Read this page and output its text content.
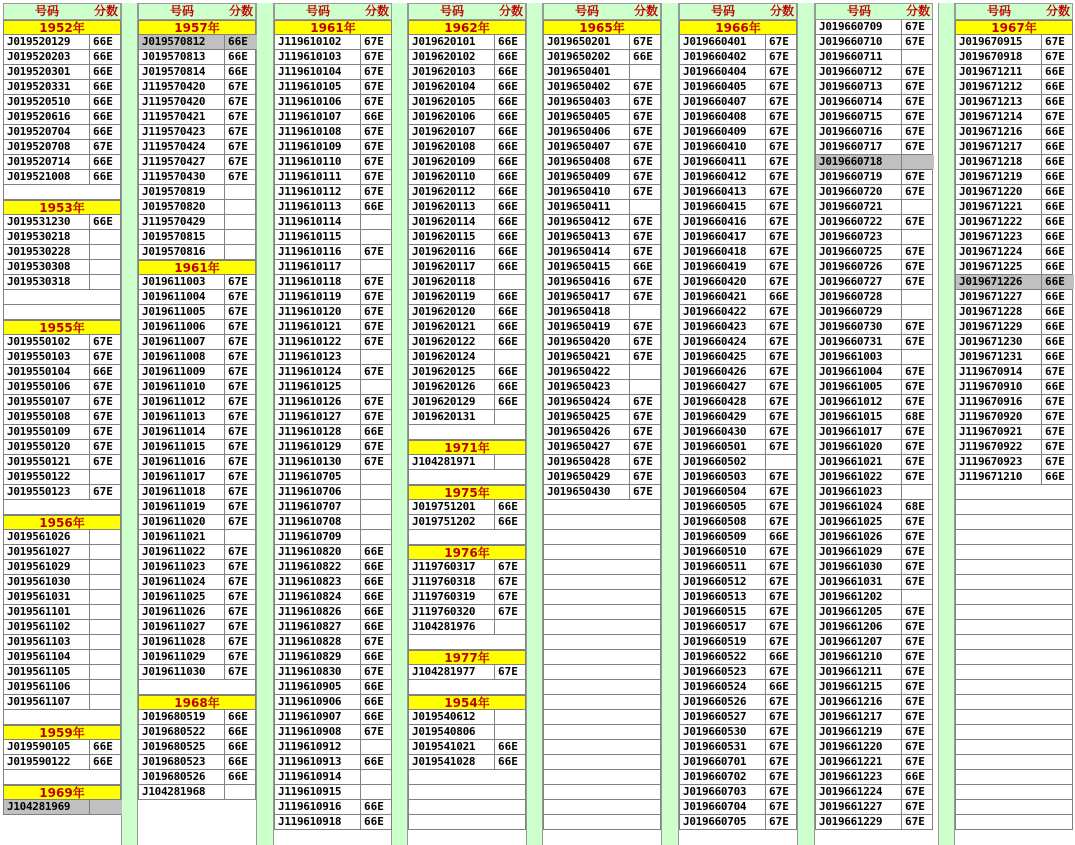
号码	分数
1952年
J019520129	66E
J019520203	66E
J019520301	66E
J019520331	66E
J019520510	66E
J019520616	66E
J019520704	66E
J019520708	67E
J019520714	66E
J019521008	66E
1953年
J019531230	66E
J019530218
J019530228
J019530308
J019530318
1955年
J019550102	67E
J019550103	67E
J019550104	66E
J019550106	67E
J019550107	67E
J019550108	67E
J019550109	67E
J019550120	67E
J019550121	67E
J019550122
J019550123	67E
1956年
J019561026
J019561027
J019561029
J019561030
J019561031
J019561101
J019561102
J019561103
J019561104
J019561105
J019561106
J019561107
1959年
J019590105	66E
J019590122	66E
1969年
J104281969
号码	分数
1957年
J019570812	66E
J019570813	66E
J019570814	66E
J119570420	67E
J119570420	67E
J119570421	67E
J119570423	67E
J119570424	67E
J119570427	67E
J119570430	67E
J019570819
J019570820
J119570429
J019570815
J019570816
1961年
J019611003	67E
J019611004	67E
J019611005	67E
J019611006	67E
J019611007	67E
J019611008	67E
J019611009	67E
J019611010	67E
J019611012	67E
J019611013	67E
J019611014	67E
J019611015	67E
J019611016	67E
J019611017	67E
J019611018	67E
J019611019	67E
J019611020	67E
J019611021
J019611022	67E
J019611023	67E
J019611024	67E
J019611025	67E
J019611026	67E
J019611027	67E
J019611028	67E
J019611029	67E
J019611030	67E
1968年
J019680519	66E
J019680522	66E
J019680525	66E
J019680523	66E
J019680526	66E
J104281968
号码	分数
1961年
J119610102	67E
J119610103	67E
J119610104	67E
J119610105	67E
J119610106	67E
J119610107	66E
J119610108	67E
J119610109	67E
J119610110	67E
J119610111	67E
J119610112	67E
J119610113	66E
J119610114
J119610115
J119610116	67E
J119610117
J119610118	67E
J119610119	67E
J119610120	67E
J119610121	67E
J119610122	67E
J119610123
J119610124	67E
J119610125
J119610126	67E
J119610127	67E
J119610128	66E
J119610129	67E
J119610130	67E
J119610705
J119610706
J119610707
J119610708
J119610709
J119610820	66E
J119610822	66E
J119610823	66E
J119610824	66E
J119610826	66E
J119610827	66E
J119610828	67E
J119610829	66E
J119610830	67E
J119610905	66E
J119610906	66E
J119610907	66E
J119610908	67E
J119610912
J119610913	66E
J119610914
J119610915
J119610916	66E
J119610918	66E
号码	分数
1962年
J019620101	66E
J019620102	66E
J019620103	66E
J019620104	66E
J019620105	66E
J019620106	66E
J019620107	66E
J019620108	66E
J019620109	66E
J019620110	66E
J019620112	66E
J019620113	66E
J019620114	66E
J019620115	66E
J019620116	66E
J019620117	66E
J019620118
J019620119	66E
J019620120	66E
J019620121	66E
J019620122	66E
J019620124
J019620125	66E
J019620126	66E
J019620129	66E
J019620131
1971年
J104281971
1975年
J019751201	66E
J019751202	66E
1976年
J119760317	67E
J119760318	67E
J119760319	67E
J119760320	67E
J104281976
1977年
J104281977	67E
1954年
J019540612
J019540806
J019541021	66E
J019541028	66E
号码	分数
1965年
J019650201	67E
J019650202	66E
J019650401
J019650402	67E
J019650403	67E
J019650405	67E
J019650406	67E
J019650407	67E
J019650408	67E
J019650409	67E
J019650410	67E
J019650411
J019650412	67E
J019650413	67E
J019650414	67E
J019650415	66E
J019650416	67E
J019650417	67E
J019650418
J019650419	67E
J019650420	67E
J019650421	67E
J019650422
J019650423
J019650424	67E
J019650425	67E
J019650426	67E
J019650427	67E
J019650428	67E
J019650429	67E
J019650430	67E
号码	分数
1966年
J019660401	67E
J019660402	67E
J019660404	67E
J019660405	67E
J019660407	67E
J019660408	67E
J019660409	67E
J019660410	67E
J019660411	67E
J019660412	67E
J019660413	67E
J019660415	67E
J019660416	67E
J019660417	67E
J019660418	67E
J019660419	67E
J019660420	67E
J019660421	66E
J019660422	67E
J019660423	67E
J019660424	67E
J019660425	67E
J019660426	67E
J019660427	67E
J019660428	67E
J019660429	67E
J019660430	67E
J019660501	67E
J019660502
J019660503	67E
J019660504	67E
J019660505	67E
J019660508	67E
J019660509	66E
J019660510	67E
J019660511	67E
J019660512	67E
J019660513	67E
J019660515	67E
J019660517	67E
J019660519	67E
J019660522	66E
J019660523	67E
J019660524	66E
J019660526	67E
J019660527	67E
J019660530	67E
J019660531	67E
J019660701	67E
J019660702	67E
J019660703	67E
J019660704	67E
J019660705	67E
号码	分数
J019660709	67E
J019660710	67E
J019660711
J019660712	67E
J019660713	67E
J019660714	67E
J019660715	67E
J019660716	67E
J019660717	67E
J019660718
J019660719	67E
J019660720	67E
J019660721
J019660722	67E
J019660723
J019660725	67E
J019660726	67E
J019660727	67E
J019660728
J019660729
J019660730	67E
J019660731	67E
J019661003
J019661004	67E
J019661005	67E
J019661012	67E
J019661015	68E
J019661017	67E
J019661020	67E
J019661021	67E
J019661022	67E
J019661023
J019661024	68E
J019661025	67E
J019661026	67E
J019661029	67E
J019661030	67E
J019661031	67E
J019661202
J019661205	67E
J019661206	67E
J019661207	67E
J019661210	67E
J019661211	67E
J019661215	67E
J019661216	67E
J019661217	67E
J019661219	67E
J019661220	67E
J019661221	67E
J019661223	66E
J019661224	67E
J019661227	67E
J019661229	67E
号码	分数
1967年
J019670915	67E
J019670918	67E
J019671211	66E
J019671212	66E
J019671213	66E
J019671214	67E
J019671216	66E
J019671217	66E
J019671218	66E
J019671219	66E
J019671220	66E
J019671221	66E
J019671222	66E
J019671223	66E
J019671224	66E
J019671225	66E
J019671226	66E
J019671227	66E
J019671228	66E
J019671229	66E
J019671230	66E
J019671231	66E
J119670914	67E
J119670910	66E
J119670916	67E
J119670920	67E
J119670921	67E
J119670922	67E
J119670923	67E
J119671210	66E
